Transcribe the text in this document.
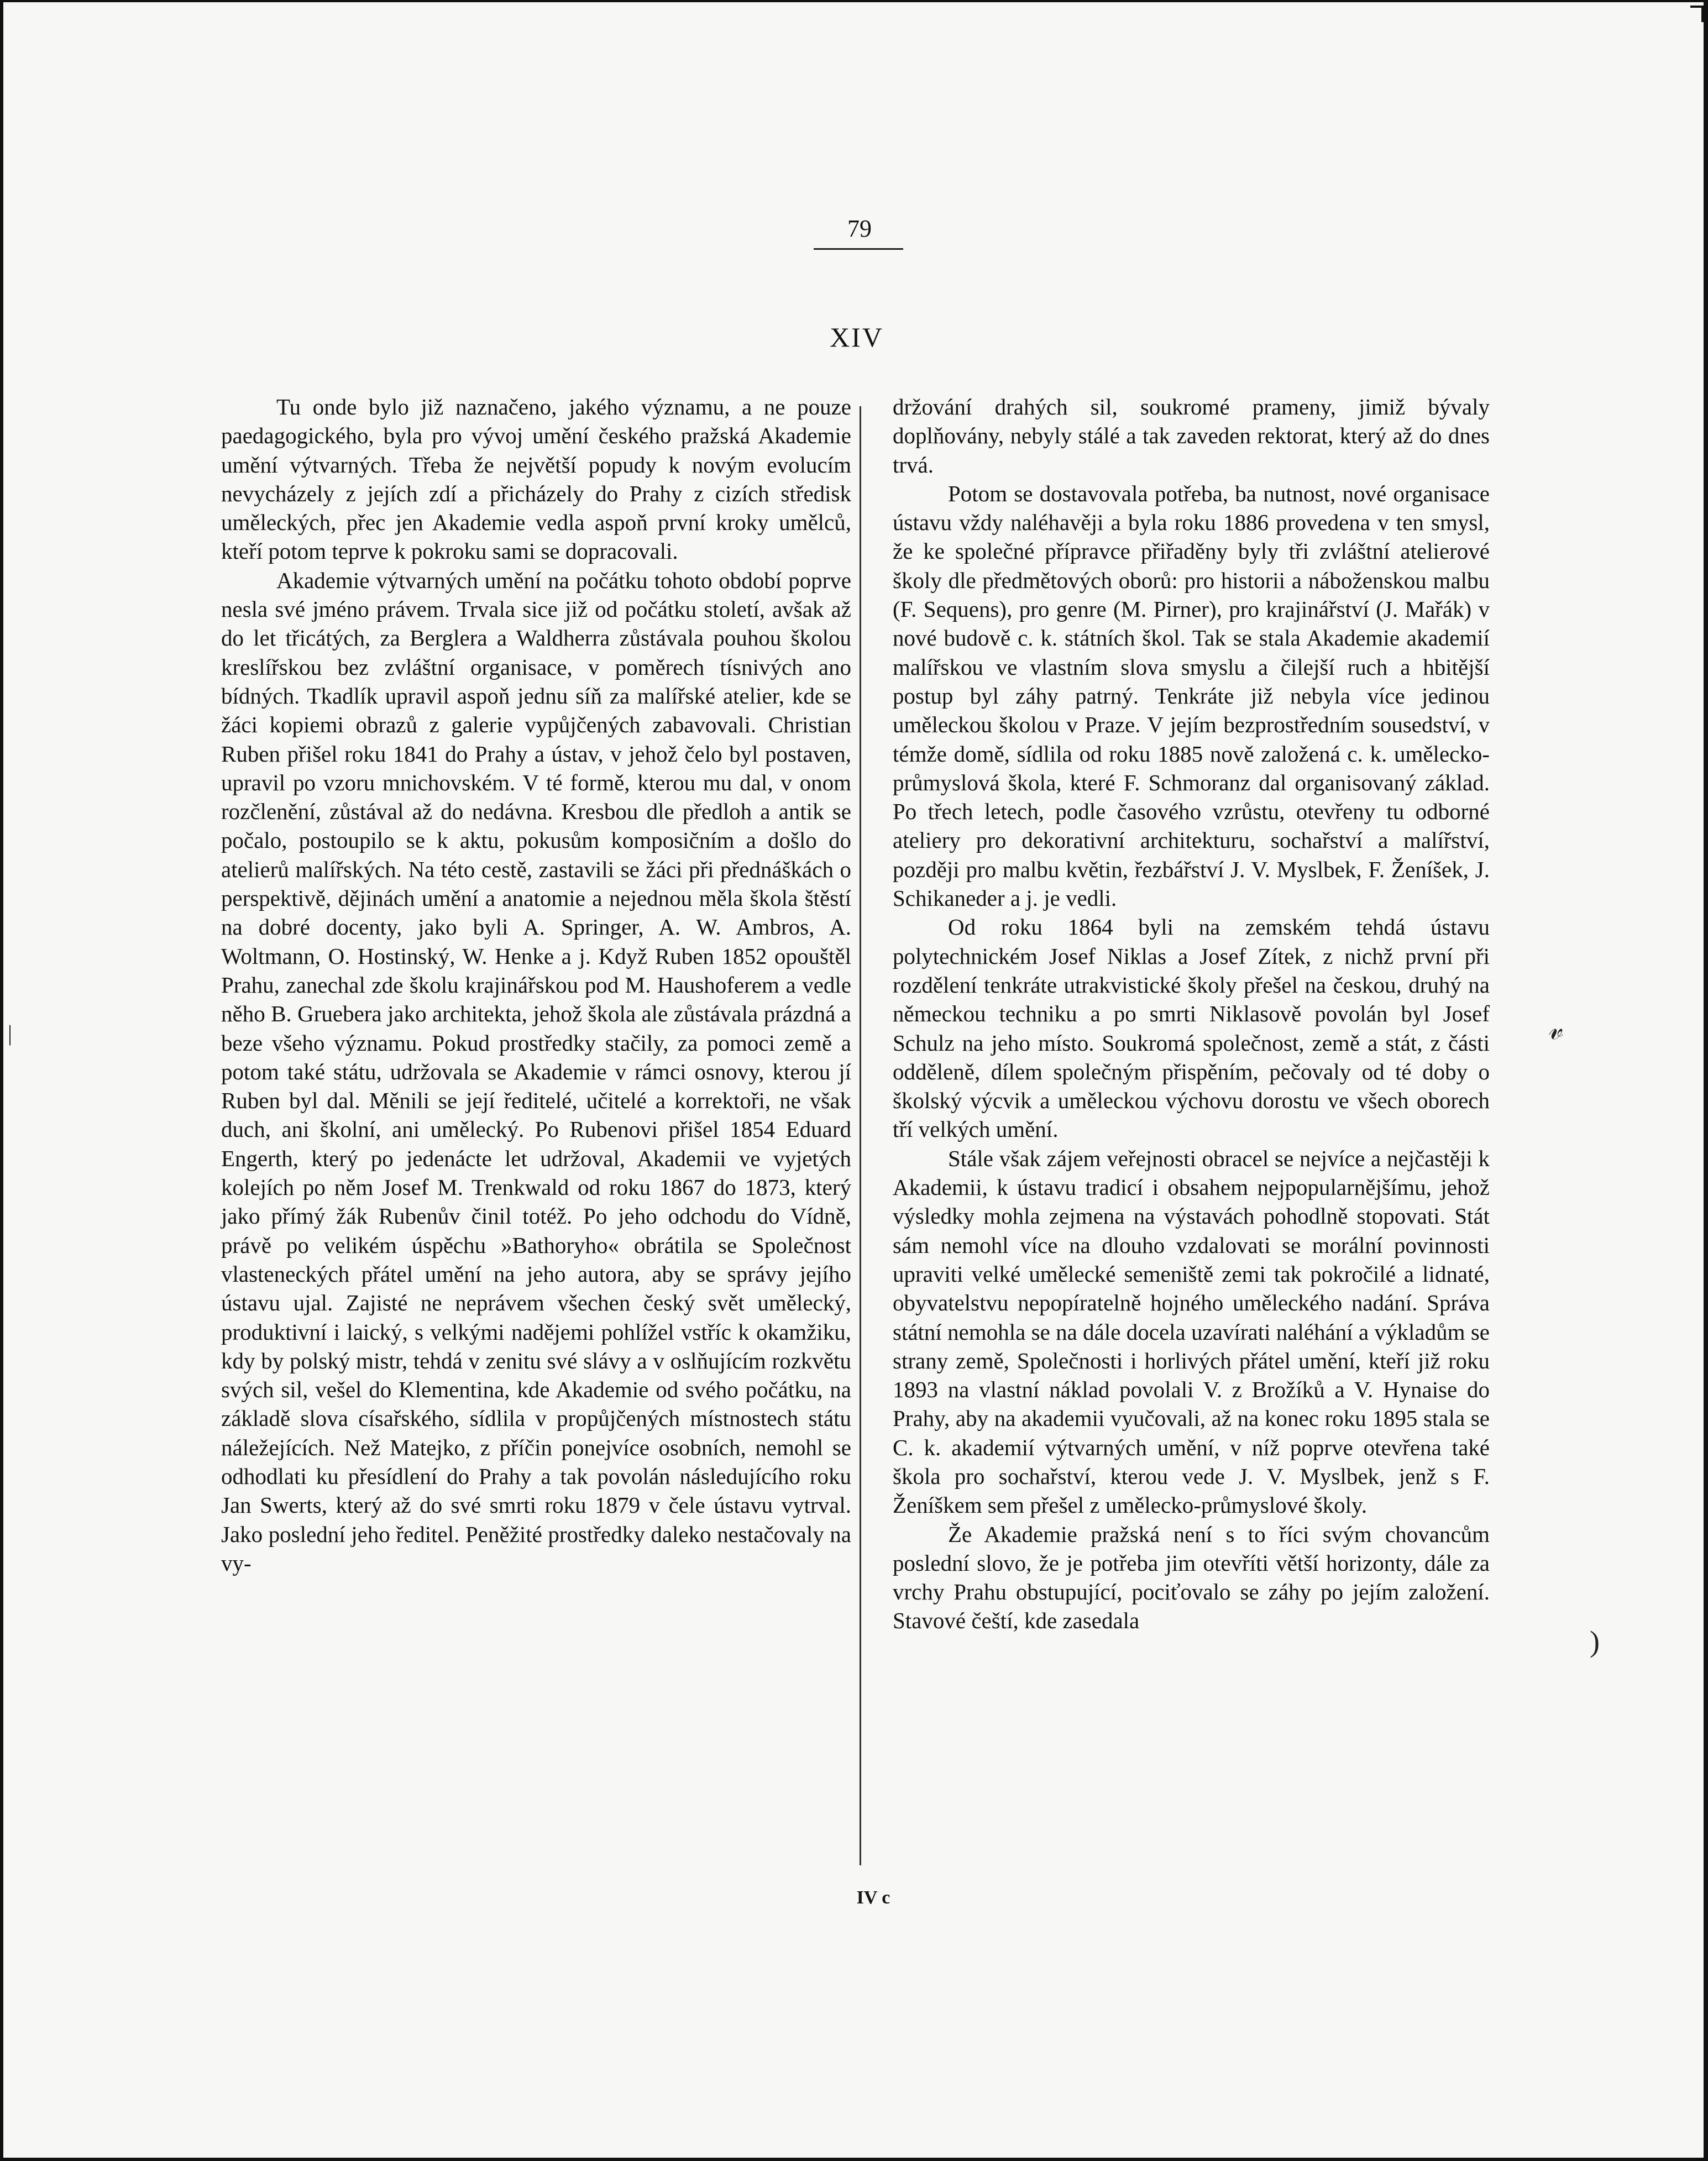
79
XIV

Tu onde bylo již naznačeno, jakého významu, a ne pouze paedagogického, byla pro vývoj umění českého pražská Akademie umění výtvarných. Třeba že největší popudy k novým evolucím nevycházely z jejích zdí a přicházely do Prahy z cizích středisk uměleckých, přec jen Akademie vedla aspoň první kroky umělců, kteří potom teprve k pokroku sami se dopracovali.

Akademie výtvarných umění na počátku tohoto období poprve nesla své jméno právem. Trvala sice již od počátku století, avšak až do let třicátých, za Berglera a Waldherra zůstávala pouhou školou kreslířskou bez zvláštní organisace, v poměrech tísnivých ano bídných. Tkadlík upravil aspoň jednu síň za malířské atelier, kde se žáci kopiemi obrazů z galerie vypůjčených zabavovali. Christian Ruben přišel roku 1841 do Prahy a ústav, v jehož čelo byl postaven, upravil po vzoru mnichovském. V té formě, kterou mu dal, v onom rozčlenění, zůstával až do nedávna. Kresbou dle předloh a antik se počalo, postoupilo se k aktu, pokusům komposičním a došlo do atelierů malířských. Na této cestě, zastavili se žáci při přednáškách o perspektivě, dějinách umění a anatomie a nejednou měla škola štěstí na dobré docenty, jako byli A. Springer, A. W. Ambros, A. Woltmann, O. Hostinský, W. Henke a j. Když Ruben 1852 opouštěl Prahu, zanechal zde školu krajinářskou pod M. Haushoferem a vedle něho B. Gruebera jako architekta, jehož škola ale zůstávala prázdná a beze všeho významu. Pokud prostředky stačily, za pomoci země a potom také státu, udržovala se Akademie v rámci osnovy, kterou jí Ruben byl dal. Měnili se její ředitelé, učitelé a korrektoři, ne však duch, ani školní, ani umělecký. Po Rubenovi přišel 1854 Eduard Engerth, který po jedenácte let udržoval, Akademii ve vyjetých kolejích po něm Josef M. Trenkwald od roku 1867 do 1873, který jako přímý žák Rubenův činil totéž. Po jeho odchodu do Vídně, právě po velikém úspěchu »Bathoryho« obrátila se Společnost vlasteneckých přátel umění na jeho autora, aby se správy jejího ústavu ujal. Zajisté ne neprávem všechen český svět umělecký, produktivní i laický, s velkými nadějemi pohlížel vstříc k okamžiku, kdy by polský mistr, tehdá v zenitu své slávy a v oslňujícím rozkvětu svých sil, vešel do Klementina, kde Akademie od svého počátku, na základě slova císařského, sídlila v propůjčených místnostech státu náležejících. Než Matejko, z příčin ponejvíce osobních, nemohl se odhodlati ku přesídlení do Prahy a tak povolán následujícího roku Jan Swerts, který až do své smrti roku 1879 v čele ústavu vytrval. Jako poslední jeho ředitel. Peněžité prostředky daleko nestačovaly na vy-

držování drahých sil, soukromé prameny, jimiž bývaly doplňovány, nebyly stálé a tak zaveden rektorat, který až do dnes trvá.

Potom se dostavovala potřeba, ba nutnost, nové organisace ústavu vždy naléhavěji a byla roku 1886 provedena v ten smysl, že ke společné přípravce přiřaděny byly tři zvláštní atelierové školy dle předmětových oborů: pro historii a náboženskou malbu (F. Sequens), pro genre (M. Pirner), pro krajinářství (J. Mařák) v nové budově c. k. státních škol. Tak se stala Akademie akademií malířskou ve vlastním slova smyslu a čilejší ruch a hbitější postup byl záhy patrný. Tenkráte již nebyla více jedinou uměleckou školou v Praze. V jejím bezprostředním sousedství, v témže domě, sídlila od roku 1885 nově založená c. k. umělecko-průmyslová škola, které F. Schmoranz dal organisovaný základ. Po třech letech, podle časového vzrůstu, otevřeny tu odborné ateliery pro dekorativní architekturu, sochařství a malířství, později pro malbu květin, řezbářství J. V. Myslbek, F. Ženíšek, J. Schikaneder a j. je vedli.

Od roku 1864 byli na zemském tehdá ústavu polytechnickém Josef Niklas a Josef Zítek, z nichž první při rozdělení tenkráte utrakvistické školy přešel na českou, druhý na německou techniku a po smrti Niklasově povolán byl Josef Schulz na jeho místo. Soukromá společnost, země a stát, z části odděleně, dílem společným přispěním, pečovaly od té doby o školský výcvik a uměleckou výchovu dorostu ve všech oborech tří velkých umění.

Stále však zájem veřejnosti obracel se nejvíce a nejčastěji k Akademii, k ústavu tradicí i obsahem nejpopularnějšímu, jehož výsledky mohla zejmena na výstavách pohodlně stopovati. Stát sám nemohl více na dlouho vzdalovati se morální povinnosti upraviti velké umělecké semeniště zemi tak pokročilé a lidnaté, obyvatelstvu nepopíratelně hojného uměleckého nadání. Správa státní nemohla se na dále docela uzavírati naléhání a výkladům se strany země, Společnosti i horlivých přátel umění, kteří již roku 1893 na vlastní náklad povolali V. z Brožíků a V. Hynaise do Prahy, aby na akademii vyučovali, až na konec roku 1895 stala se C. k. akademií výtvarných umění, v níž poprve otevřena také škola pro sochařství, kterou vede J. V. Myslbek, jenž s F. Ženíškem sem přešel z umělecko-průmyslové školy.

Že Akademie pražská není s to říci svým chovancům poslední slovo, že je potřeba jim otevříti větší horizonty, dále za vrchy Prahu obstupující, pociťovalo se záhy po jejím založení. Stavové čeští, kde zasedala

IV c
𝓋
)
|
